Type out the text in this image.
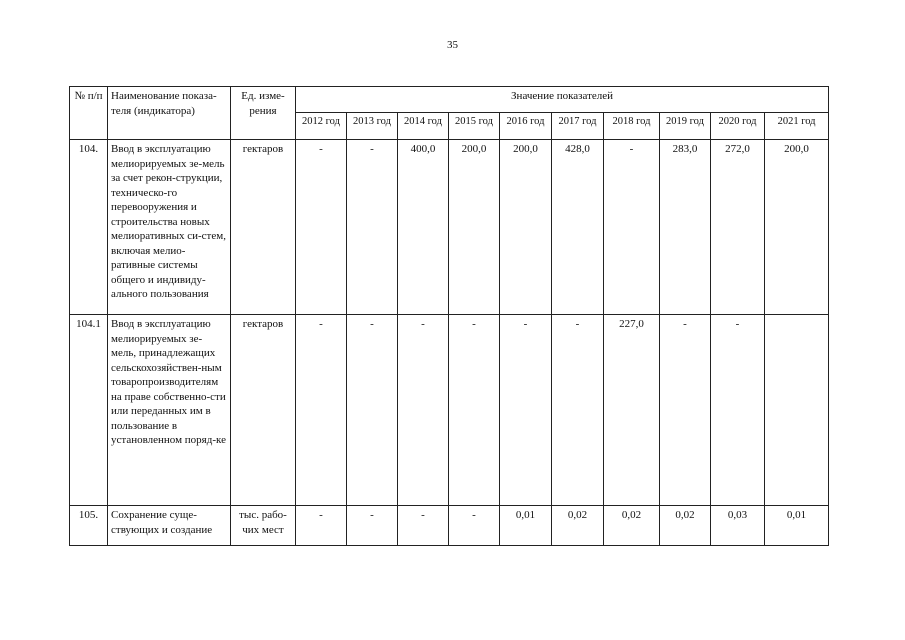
35
№ п/п	Наименование показа-теля (индикатора)	Ед. изме-рения	Значение показателей									
			2012 год	2013 год	2014 год	2015 год	2016 год	2017 год	2018 год	2019 год	2020 год	2021 год
104.	Ввод в эксплуатацию мелиорируемых зе-мель за счет рекон-струкции, техническо-го перевооружения и строительства новых мелиоративных си-стем, включая мелио-ративные системы общего и индивиду-ального пользования	гектаров	-	-	400,0	200,0	200,0	428,0	-	283,0	272,0	200,0
104.1	Ввод в эксплуатацию мелиорируемых зе-мель, принадлежащих сельскохозяйствен-ным товаропроизводителям на праве собственно-сти или переданных им в пользование в установленном поряд-ке	гектаров	-	-	-	-	-	-	227,0	-	-	
105.	Сохранение суще-ствующих и создание	тыс. рабо-чих мест	-	-	-	-	0,01	0,02	0,02	0,02	0,03	0,01
